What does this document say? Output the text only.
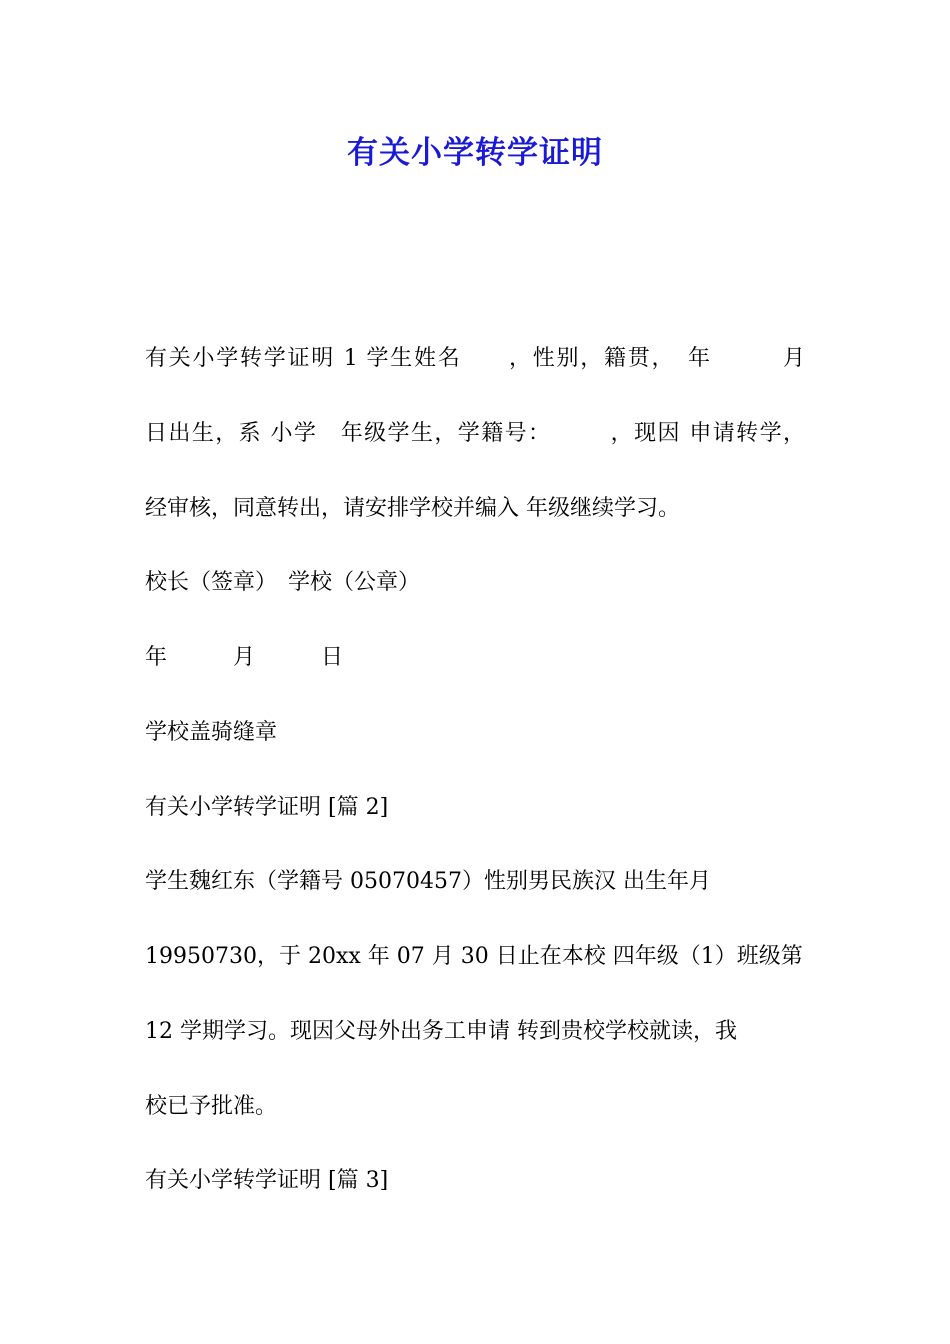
有关小学转学证明
有关小学转学证明 1 学生姓名　　，性别，籍贯，　年　　　月
日出生，系 小学　年级学生，学籍号：　　　，现因 申请转学，
经审核，同意转出，请安排学校并编入 年级继续学习。
校长（签章）　学校（公章）
年　　　月　　　日
学校盖骑缝章
有关小学转学证明 [篇 2]
学生魏红东（学籍号 05070457）性别男民族汉 出生年月
19950730，于 20xx 年 07 月 30 日止在本校 四年级（1）班级第
12 学期学习。现因父母外出务工申请 转到贵校学校就读，我
校已予批准。
有关小学转学证明 [篇 3]
